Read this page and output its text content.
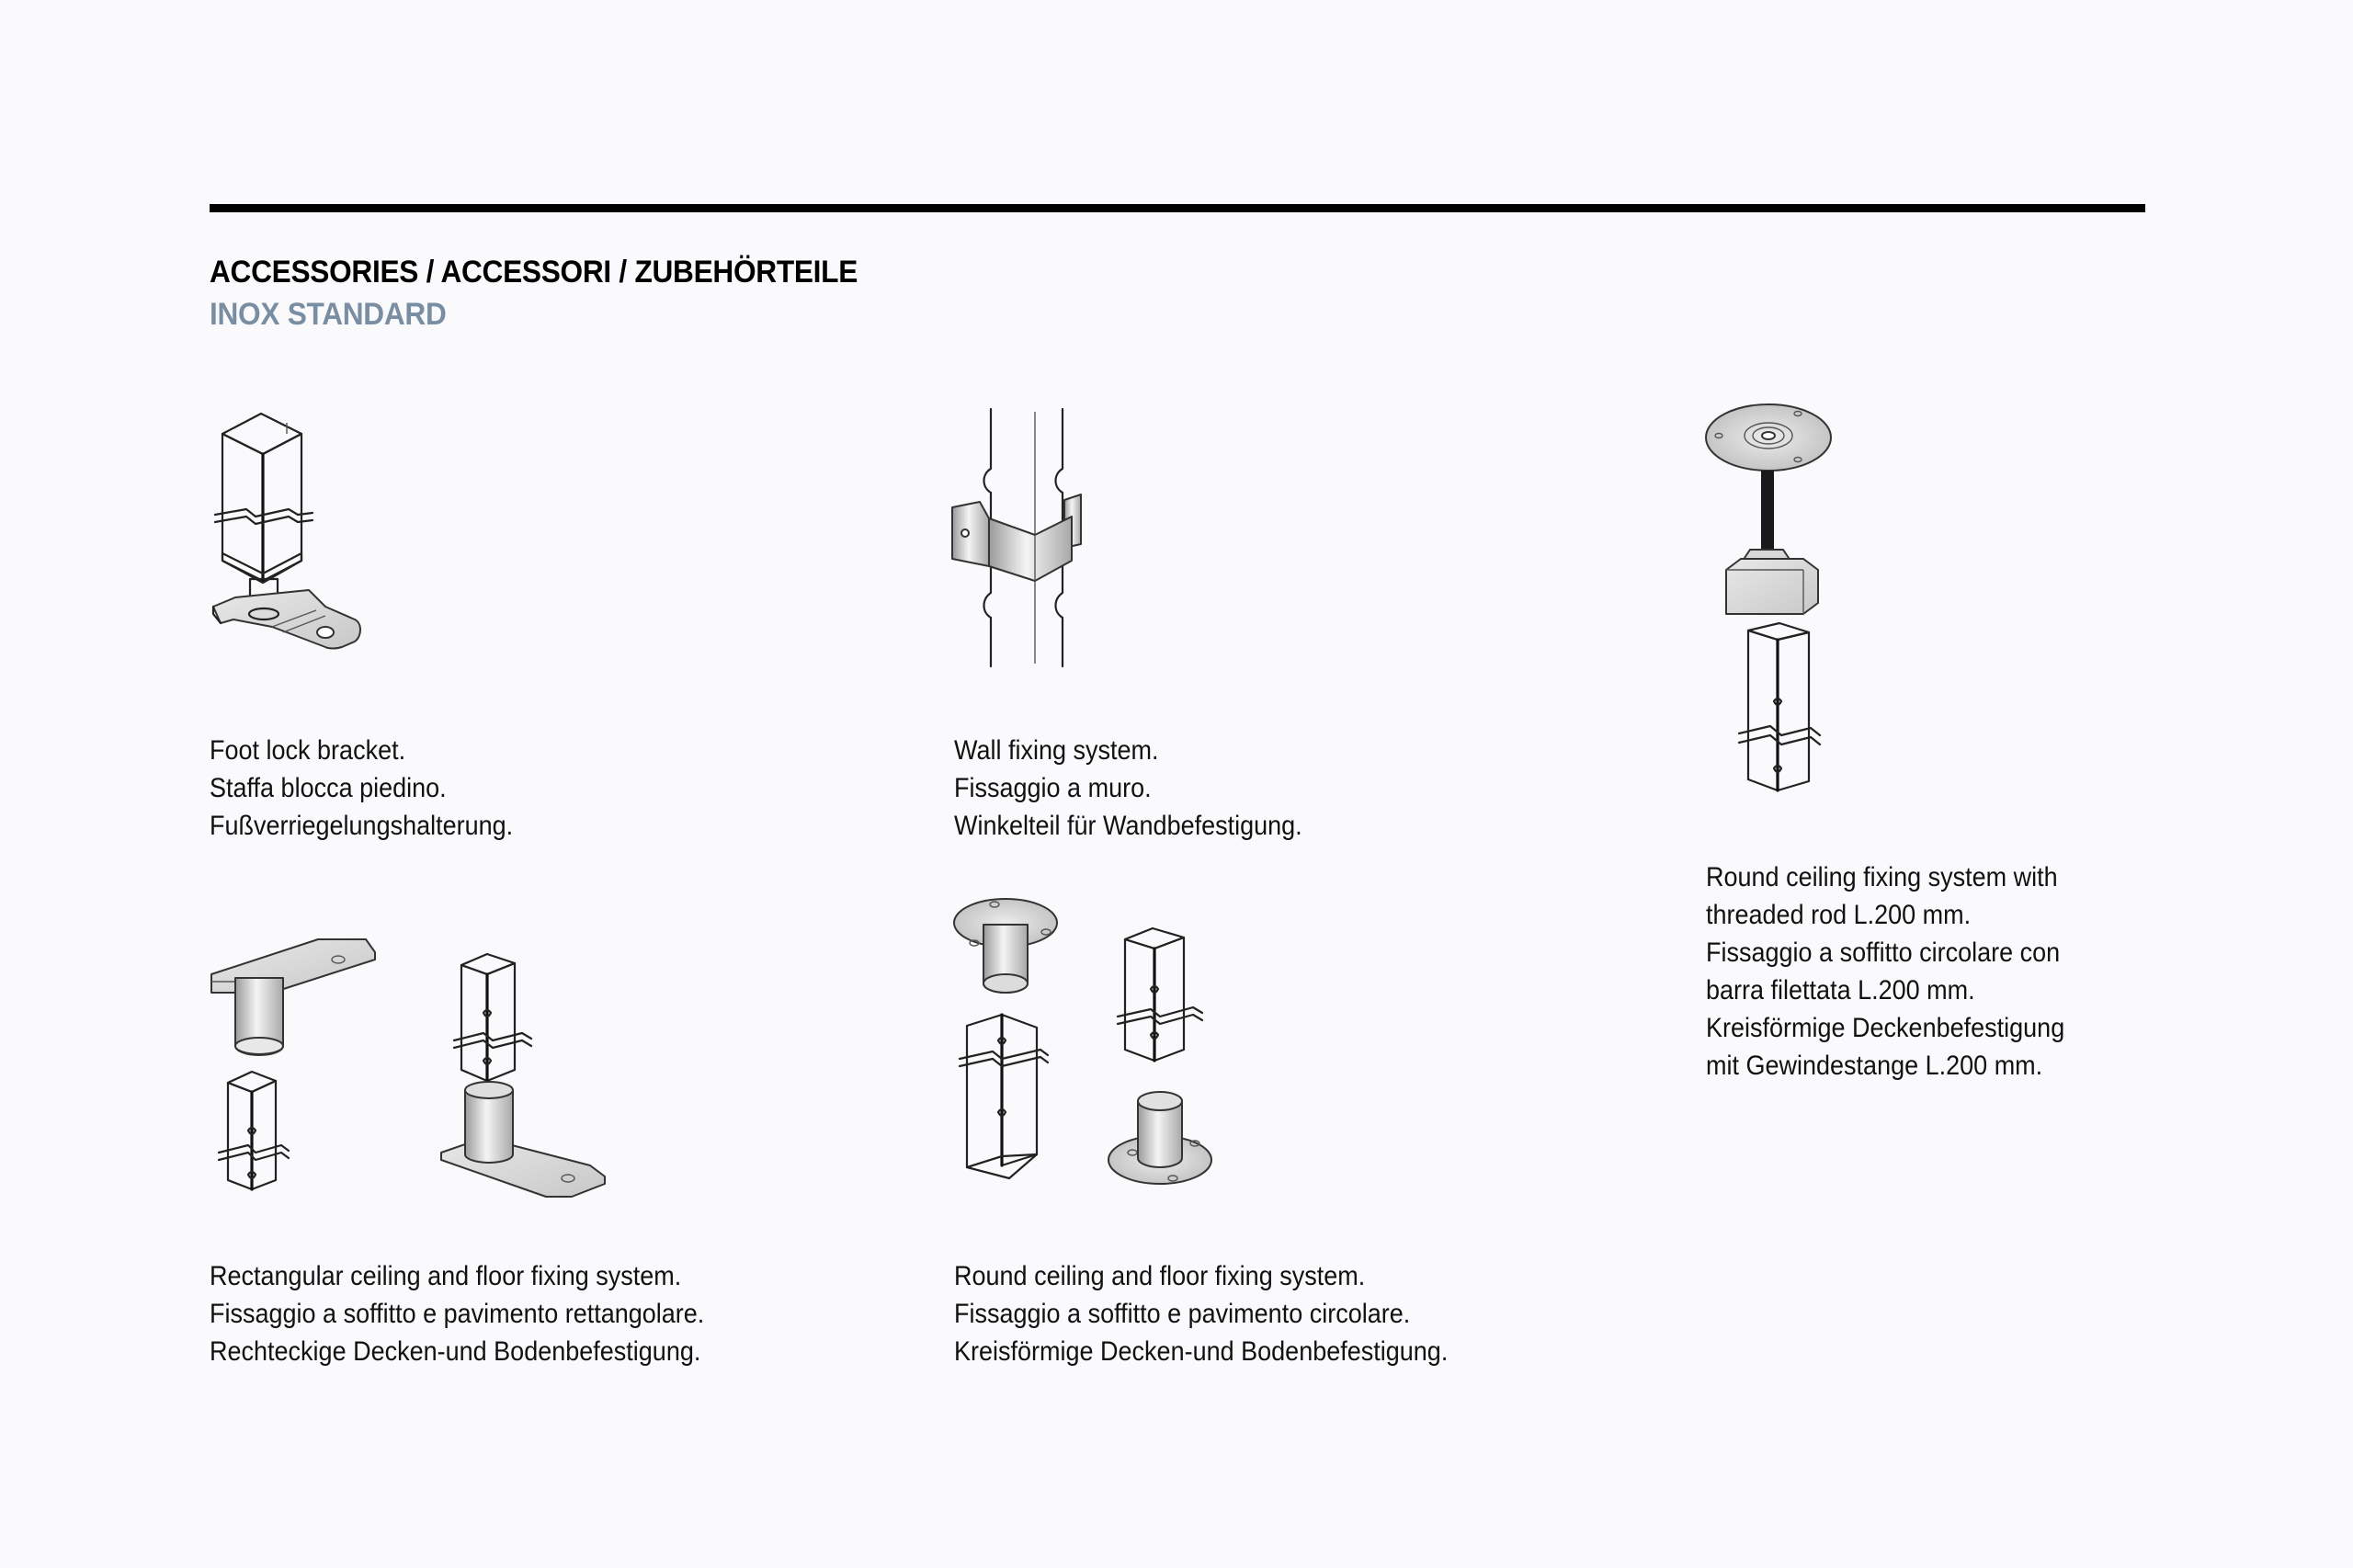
ACCESSORIES / ACCESSORI / ZUBEHÖRTEILE
INOX STANDARD
Foot lock bracket.
Staffa blocca piedino.
Fußverriegelungshalterung.
Wall fixing system.
Fissaggio a muro.
Winkelteil für Wandbefestigung.
Round ceiling fixing system with
threaded rod L.200 mm.
Fissaggio a soffitto circolare con
barra filettata L.200 mm.
Kreisförmige Deckenbefestigung
mit Gewindestange L.200 mm.
Rectangular ceiling and floor fixing system.
Fissaggio a soffitto e pavimento rettangolare.
Rechteckige Decken-und Bodenbefestigung.
Round ceiling and floor fixing system.
Fissaggio a soffitto e pavimento circolare.
Kreisförmige Decken-und Bodenbefestigung.
